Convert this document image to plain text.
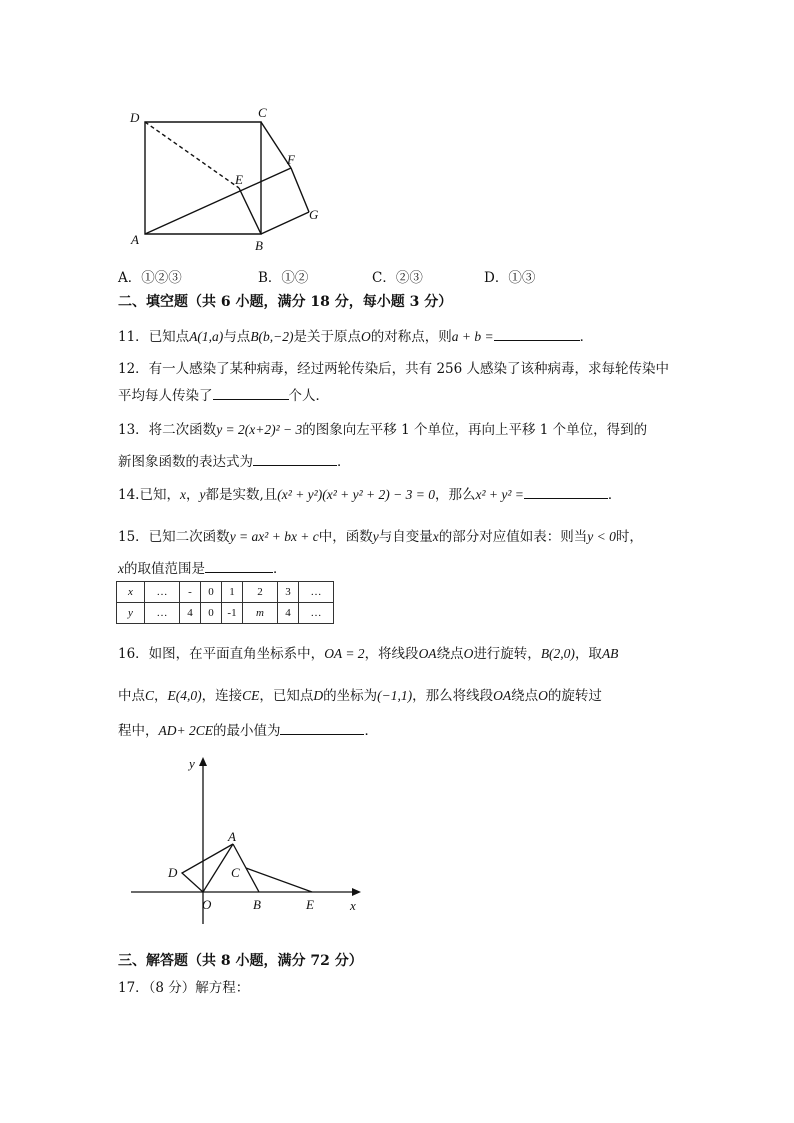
D	C
F
E
G
A	B
A．①②③	B．①②	C．②③	D．①③
二、填空题（共 6 小题，满分 18 分，每小题 3 分）
11．已知点A(1,a)与点B(b,−2)是关于原点O的对称点，则a + b =	．
12．有一人感染了某种病毒，经过两轮传染后，共有 256 人感染了该种病毒，求每轮传染中
平均每人传染了	个人．
13．将二次函数y = 2(x+2)² − 3的图象向左平移 1 个单位，再向上平移 1 个单位，得到的
新图象函数的表达式为	．
14.已知，x，y都是实数,且(x² + y²)(x² + y² + 2) − 3 = 0，那么x² + y² =	．
15．已知二次函数y = ax² + bx + c中，函数y与自变量x的部分对应值如表：则当y < 0时，
x的取值范围是	．
x	…	-	0	1	2	3	…
y	…	4	0	-1	m	4	…
16．如图，在平面直角坐标系中，OA = 2，将线段OA绕点O进行旋转，B(2,0)，取AB
中点C，E(4,0)，连接CE，已知点D的坐标为(−1,1)，那么将线段OA绕点O的旋转过
程中，AD+ 2CE的最小值为	．
y
x
A
C
D
O	B	E
三、解答题（共 8 小题，满分 72 分）
17．（8 分）解方程：
